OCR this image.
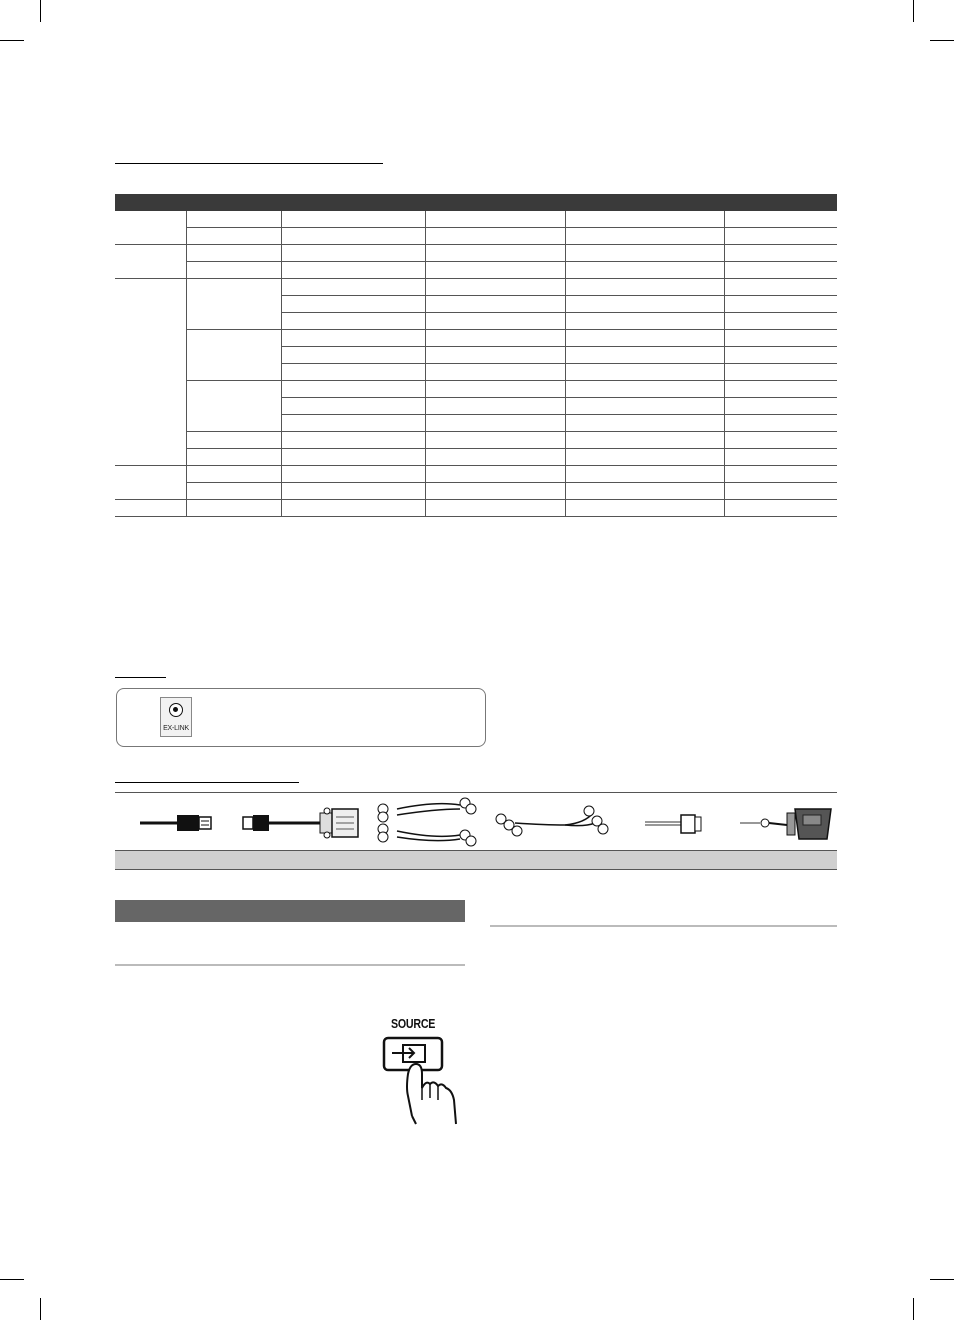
EX-LINK
SOURCE
